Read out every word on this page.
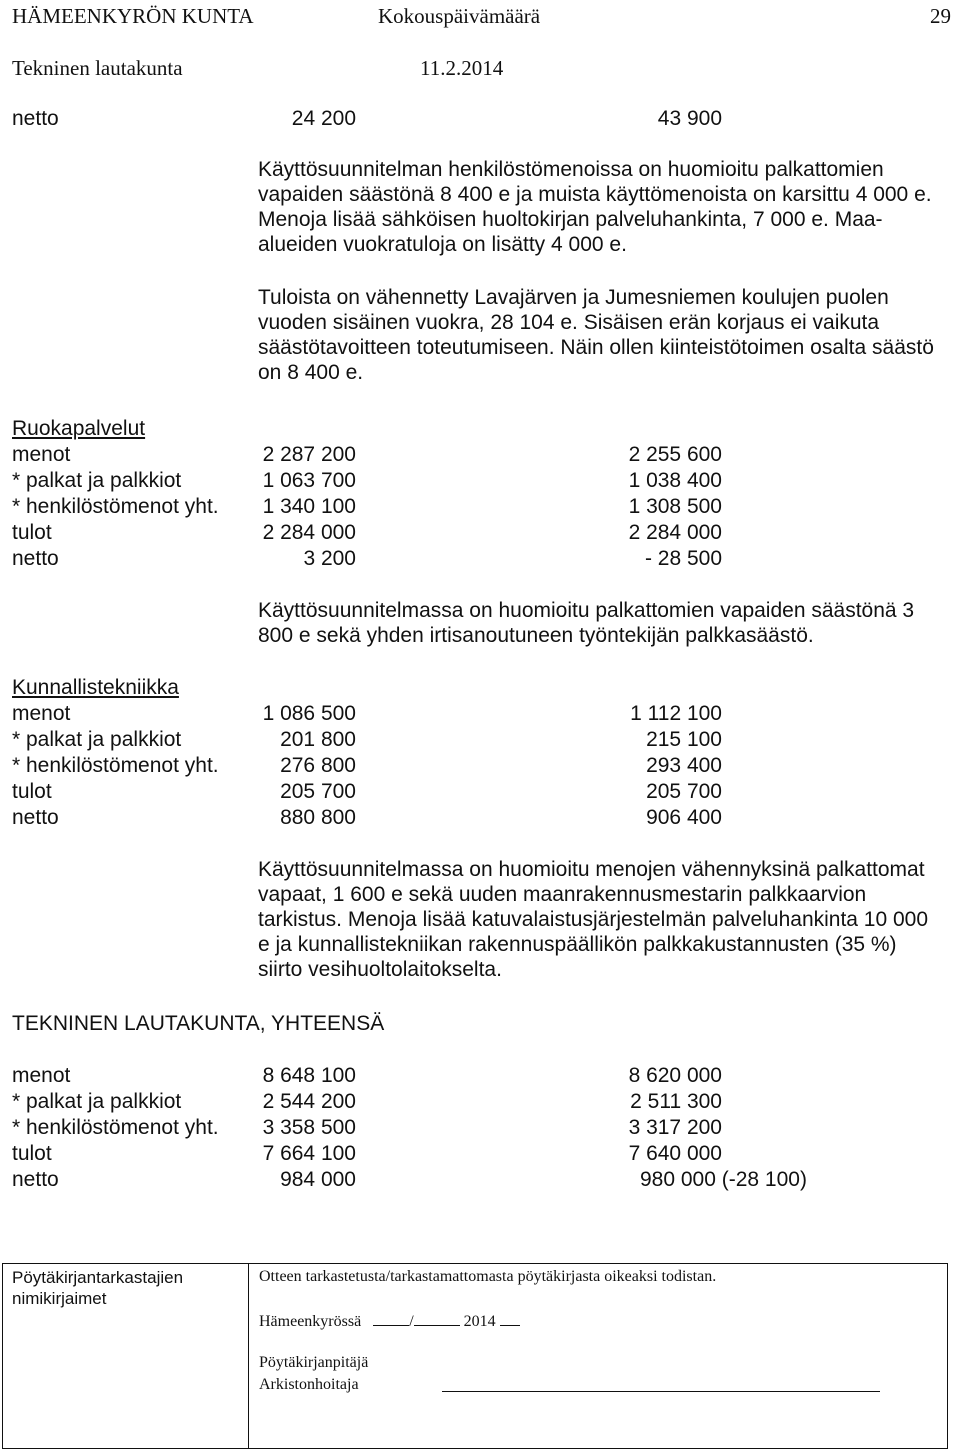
HÄMEENKYRÖN KUNTA	Kokouspäivämäärä	29
Tekninen lautakunta	11.2.2014
netto	24 200	43 900
Käyttösuunnitelman henkilöstömenoissa on huomioitu palkattomien vapaiden säästönä 8 400 e ja muista käyttömenoista on karsittu 4 000 e. Menoja lisää sähköisen huoltokirjan palveluhankinta, 7 000 e. Maa-alueiden vuokratuloja on lisätty 4 000 e.
Tuloista on vähennetty Lavajärven ja Jumesniemen koulujen puolen vuoden sisäinen vuokra, 28 104 e. Sisäisen erän korjaus ei vaikuta säästötavoitteen toteutumiseen. Näin ollen kiinteistötoimen osalta säästö on 8 400 e.
Ruokapalvelut
menot	2 287 200	2 255 600
* palkat ja palkkiot	1 063 700	1 038 400
* henkilöstömenot yht. 1 340 100	1 308 500
tulot	2 284 000	2 284 000
netto	3 200	- 28 500
Käyttösuunnitelmassa on huomioitu palkattomien vapaiden säästönä 3 800 e sekä yhden irtisanoutuneen työntekijän palkkasäästö.
Kunnallistekniikka
menot	1 086 500	1 112 100
* palkat ja palkkiot	201 800	215 100
* henkilöstömenot yht.	276 800	293 400
tulot	205 700	205 700
netto	880 800	906 400
Käyttösuunnitelmassa on huomioitu menojen vähennyksinä palkattomat vapaat, 1 600 e sekä uuden maanrakennusmestarin palkkaarvion tarkistus. Menoja lisää katuvalaistusjärjestelmän palveluhankinta 10 000 e ja kunnallistekniikan rakennuspäällikön palkkakustannusten (35 %) siirto vesihuoltolaitokselta.
TEKNINEN LAUTAKUNTA, YHTEENSÄ
menot	8 648 100	8 620 000
* palkat ja palkkiot	2 544 200	2 511 300
* henkilöstömenot yht. 3 358 500	3 317 200
tulot	7 664 100	7 640 000
netto	984 000	980 000 (-28 100)
Pöytäkirjantarkastajien
nimikirjaimet
Otteen tarkastetusta/tarkastamattomasta pöytäkirjasta oikeaksi todistan.
Hämeenkyrössä	/	2014
Pöytäkirjanpitäjä
Arkistonhoitaja
